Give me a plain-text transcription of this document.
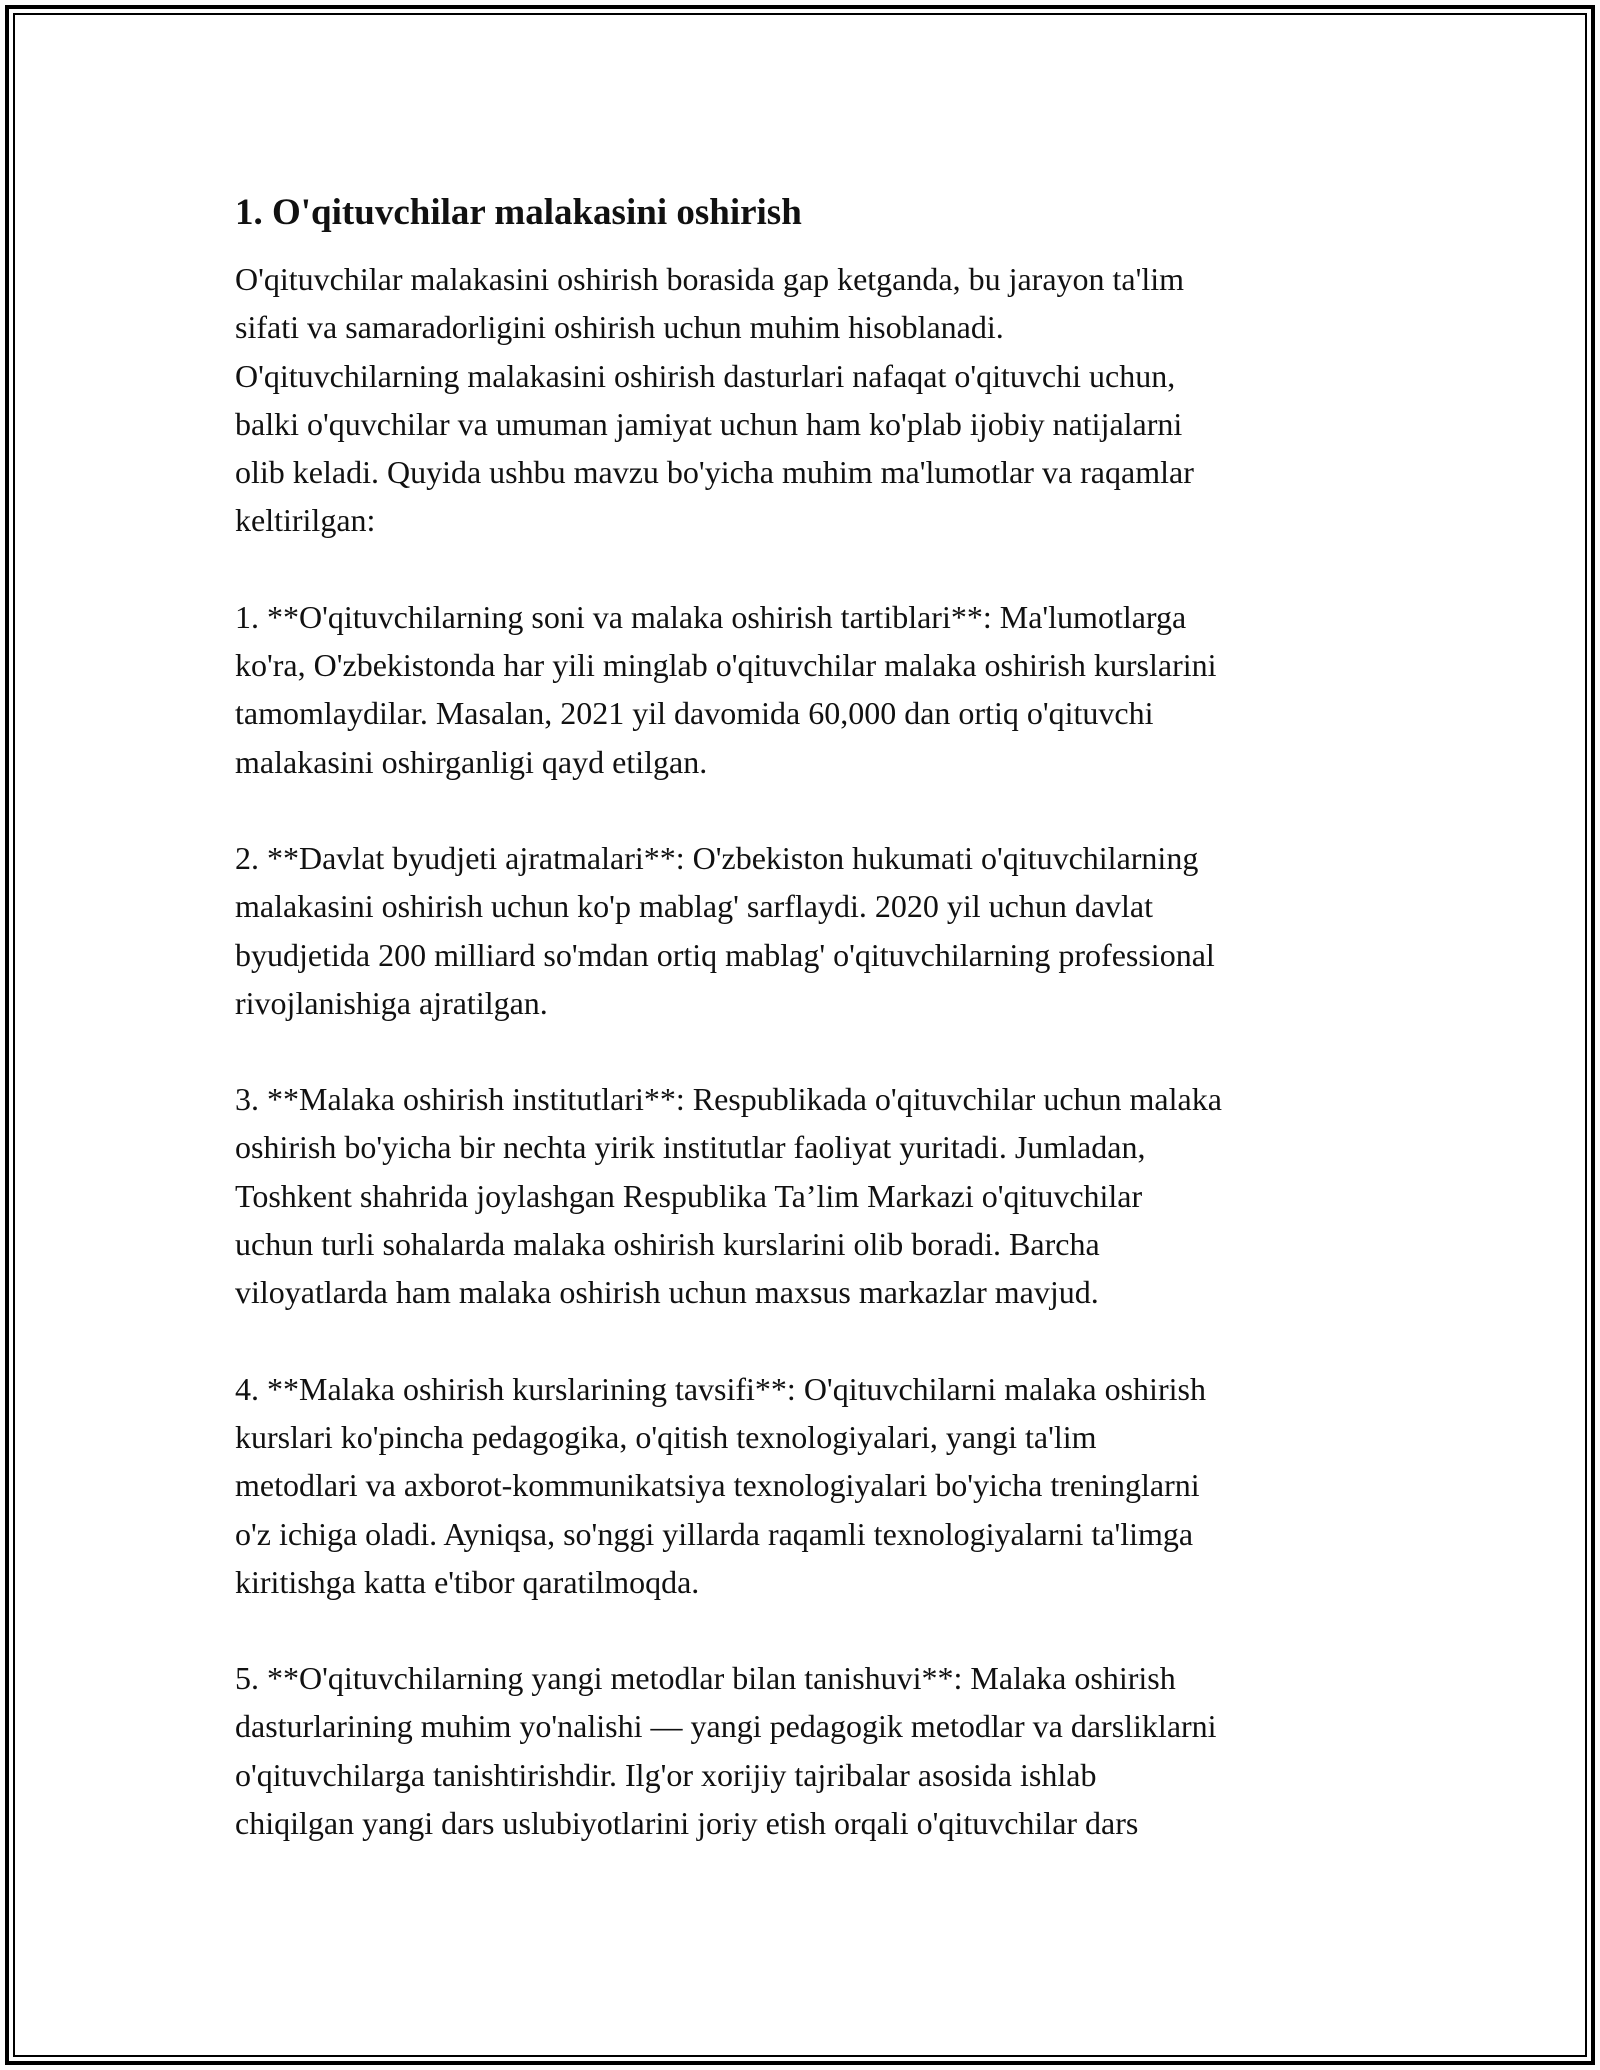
1. O'qituvchilar malakasini oshirish

O'qituvchilar malakasini oshirish borasida gap ketganda, bu jarayon ta'lim
sifati va samaradorligini oshirish uchun muhim hisoblanadi.
O'qituvchilarning malakasini oshirish dasturlari nafaqat o'qituvchi uchun,
balki o'quvchilar va umuman jamiyat uchun ham ko'plab ijobiy natijalarni
olib keladi. Quyida ushbu mavzu bo'yicha muhim ma'lumotlar va raqamlar
keltirilgan:

1. **O'qituvchilarning soni va malaka oshirish tartiblari**: Ma'lumotlarga
ko'ra, O'zbekistonda har yili minglab o'qituvchilar malaka oshirish kurslarini
tamomlaydilar. Masalan, 2021 yil davomida 60,000 dan ortiq o'qituvchi
malakasini oshirganligi qayd etilgan.

2. **Davlat byudjeti ajratmalari**: O'zbekiston hukumati o'qituvchilarning
malakasini oshirish uchun ko'p mablag' sarflaydi. 2020 yil uchun davlat
byudjetida 200 milliard so'mdan ortiq mablag' o'qituvchilarning professional
rivojlanishiga ajratilgan.

3. **Malaka oshirish institutlari**: Respublikada o'qituvchilar uchun malaka
oshirish bo'yicha bir nechta yirik institutlar faoliyat yuritadi. Jumladan,
Toshkent shahrida joylashgan Respublika Ta’lim Markazi o'qituvchilar
uchun turli sohalarda malaka oshirish kurslarini olib boradi. Barcha
viloyatlarda ham malaka oshirish uchun maxsus markazlar mavjud.

4. **Malaka oshirish kurslarining tavsifi**: O'qituvchilarni malaka oshirish
kurslari ko'pincha pedagogika, o'qitish texnologiyalari, yangi ta'lim
metodlari va axborot-kommunikatsiya texnologiyalari bo'yicha treninglarni
o'z ichiga oladi. Ayniqsa, so'nggi yillarda raqamli texnologiyalarni ta'limga
kiritishga katta e'tibor qaratilmoqda.

5. **O'qituvchilarning yangi metodlar bilan tanishuvi**: Malaka oshirish
dasturlarining muhim yo'nalishi — yangi pedagogik metodlar va darsliklarni
o'qituvchilarga tanishtirishdir. Ilg'or xorijiy tajribalar asosida ishlab
chiqilgan yangi dars uslubiyotlarini joriy etish orqali o'qituvchilar dars
